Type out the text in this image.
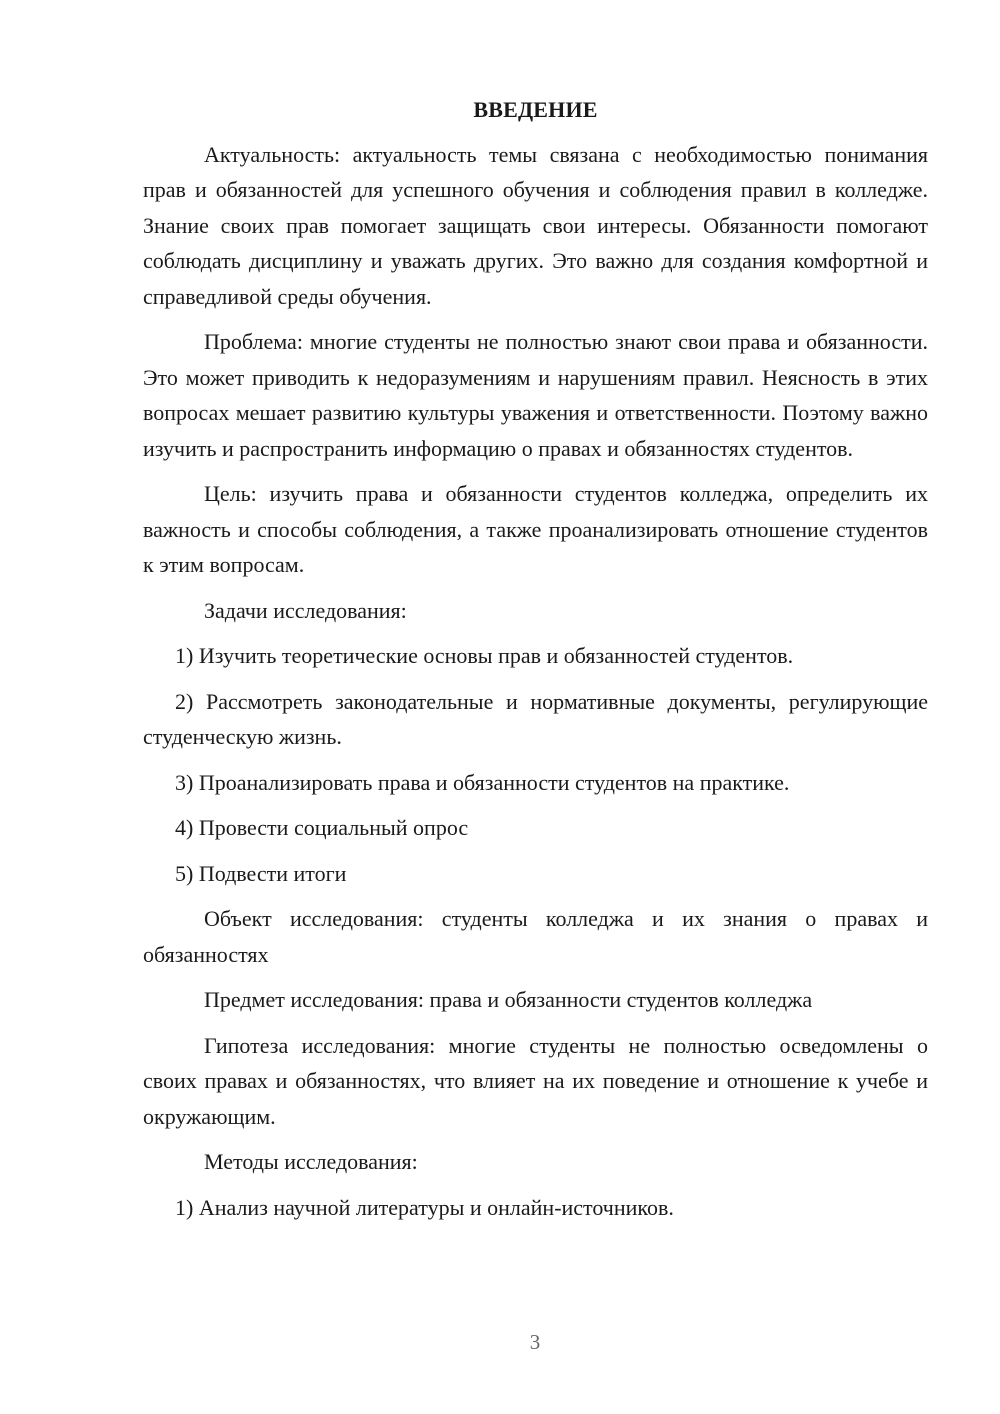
ВВЕДЕНИЕ

Актуальность: актуальность темы связана с необходимостью понимания прав и обязанностей для успешного обучения и соблюдения правил в колледже. Знание своих прав помогает защищать свои интересы. Обязанности помогают соблюдать дисциплину и уважать других. Это важно для создания комфортной и справедливой среды обучения.

Проблема: многие студенты не полностью знают свои права и обязанности. Это может приводить к недоразумениям и нарушениям правил. Неясность в этих вопросах мешает развитию культуры уважения и ответственности. Поэтому важно изучить и распространить информацию о правах и обязанностях студентов.

Цель: изучить права и обязанности студентов колледжа, определить их важность и способы соблюдения, а также проанализировать отношение студентов к этим вопросам.

Задачи исследования:

1) Изучить теоретические основы прав и обязанностей студентов.

2) Рассмотреть законодательные и нормативные документы, регулирующие студенческую жизнь.

3) Проанализировать права и обязанности студентов на практике.

4) Провести социальный опрос

5) Подвести итоги

Объект исследования: студенты колледжа и их знания о правах и обязанностях

Предмет исследования: права и обязанности студентов колледжа

Гипотеза исследования: многие студенты не полностью осведомлены о своих правах и обязанностях, что влияет на их поведение и отношение к учебе и окружающим.

Методы исследования:

1) Анализ научной литературы и онлайн-источников.

3
